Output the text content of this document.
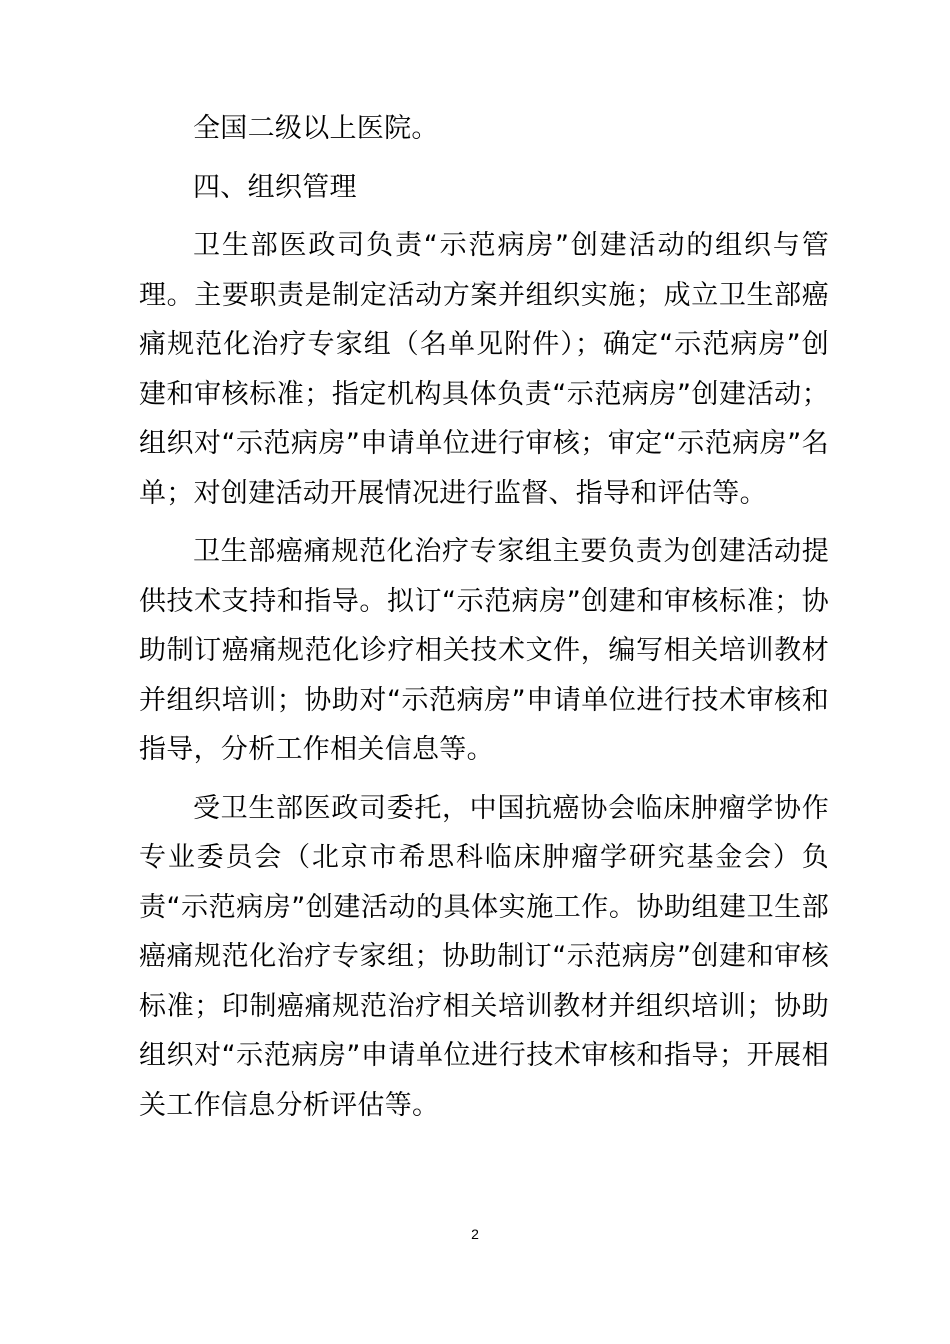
全国二级以上医院。

四、组织管理

卫生部医政司负责“示范病房”创建活动的组织与管理。主要职责是制定活动方案并组织实施；成立卫生部癌痛规范化治疗专家组（名单见附件）；确定“示范病房”创建和审核标准；指定机构具体负责“示范病房”创建活动；组织对“示范病房”申请单位进行审核；审定“示范病房”名单；对创建活动开展情况进行监督、指导和评估等。

卫生部癌痛规范化治疗专家组主要负责为创建活动提供技术支持和指导。拟订“示范病房”创建和审核标准；协助制订癌痛规范化诊疗相关技术文件，编写相关培训教材并组织培训；协助对“示范病房”申请单位进行技术审核和指导，分析工作相关信息等。

受卫生部医政司委托，中国抗癌协会临床肿瘤学协作专业委员会（北京市希思科临床肿瘤学研究基金会）负责“示范病房”创建活动的具体实施工作。协助组建卫生部癌痛规范化治疗专家组；协助制订“示范病房”创建和审核标准；印制癌痛规范治疗相关培训教材并组织培训；协助组织对“示范病房”申请单位进行技术审核和指导；开展相关工作信息分析评估等。

2
